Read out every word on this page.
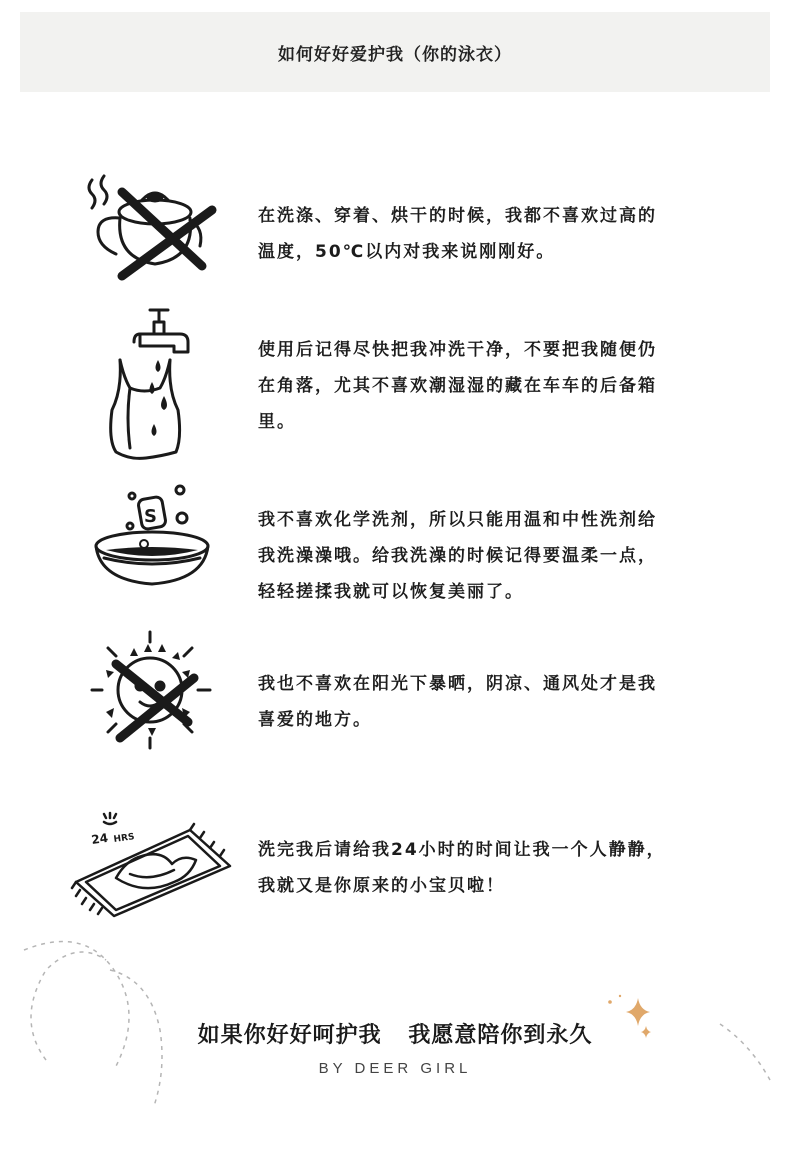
如何好好爱护我（你的泳衣）

在洗涤、穿着、烘干的时候，我都不喜欢过高的

温度，50℃以内对我来说刚刚好。

使用后记得尽快把我冲洗干净，不要把我随便仍

在角落，尤其不喜欢潮湿湿的藏在车车的后备箱

里。

S	我不喜欢化学洗剂，所以只能用温和中性洗剂给

我洗澡澡哦。给我洗澡的时候记得要温柔一点，

轻轻搓揉我就可以恢复美丽了。

我也不喜欢在阳光下暴晒，阴凉、通风处才是我

喜爱的地方。

24 HRS

洗完我后请给我24小时的时间让我一个人静静，

我就又是你原来的小宝贝啦！

如果你好好呵护我 我愿意陪你到永久
BY DEER GIRL
